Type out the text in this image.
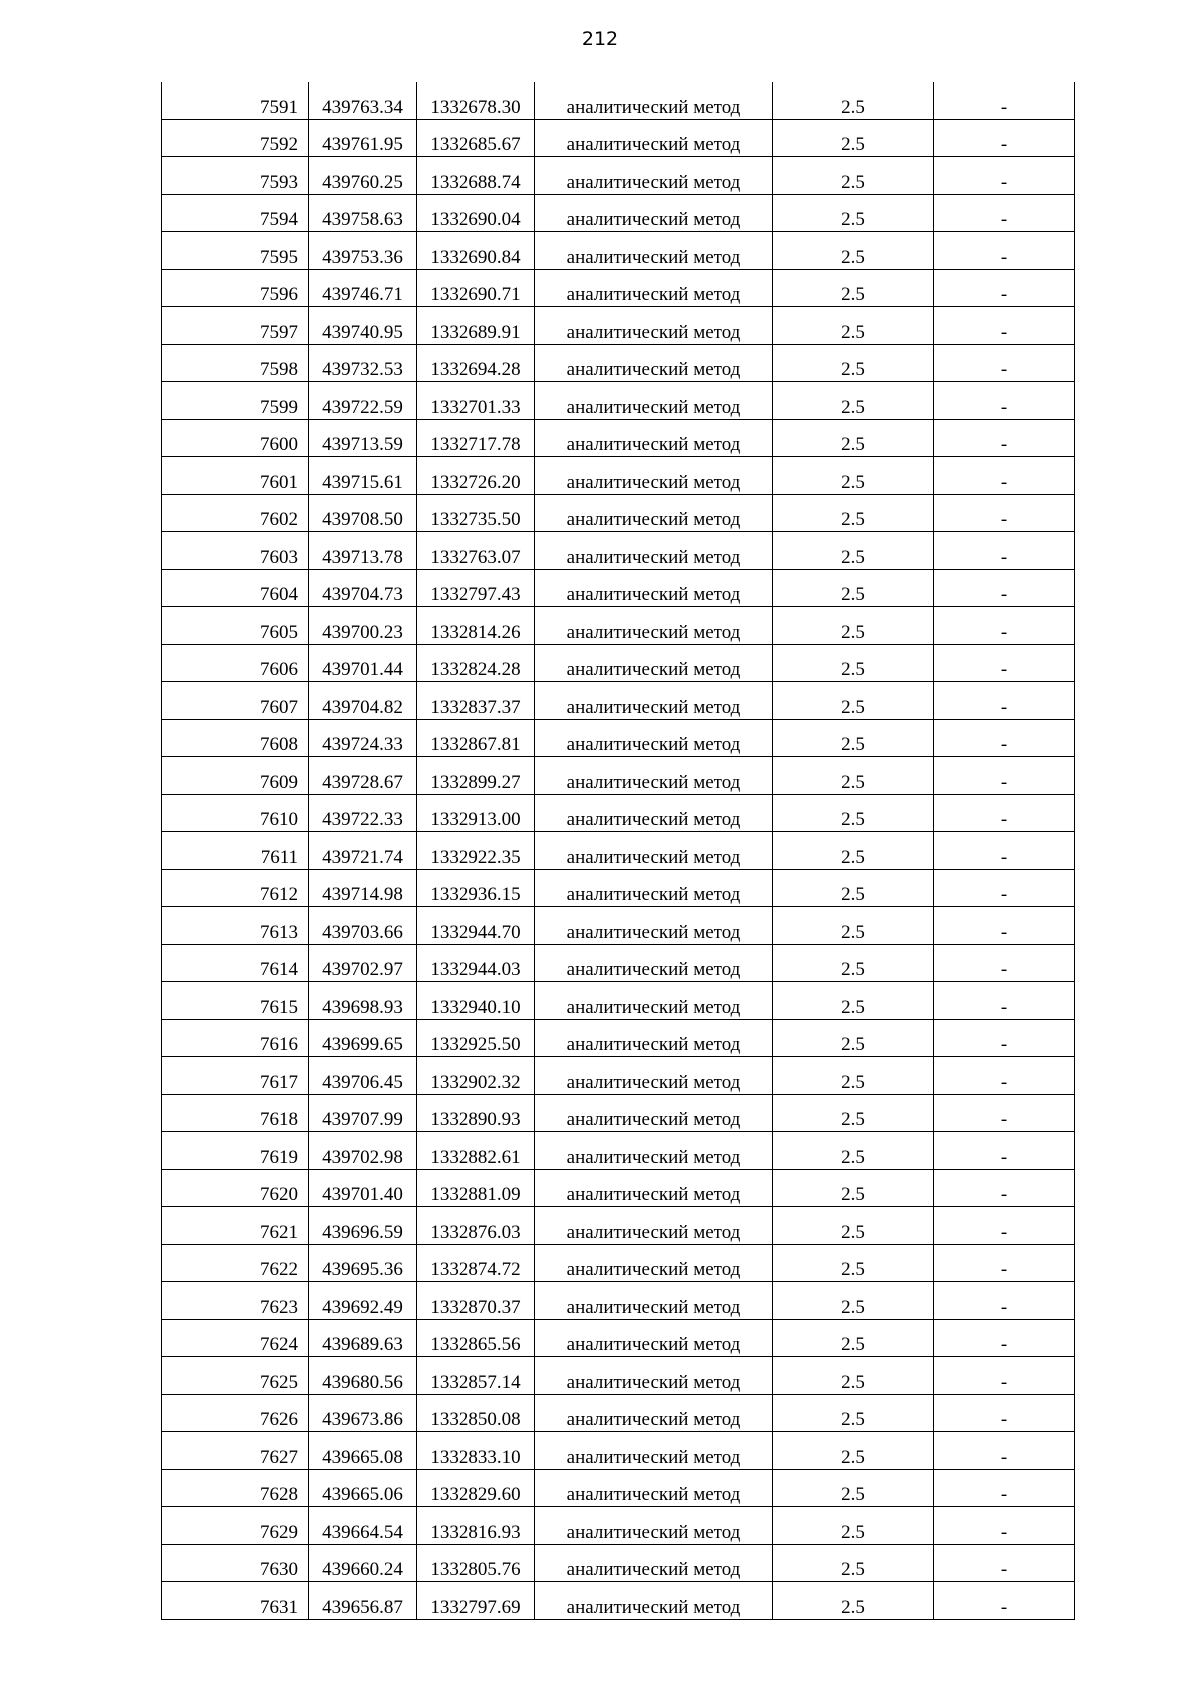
212
7591	439763.34	1332678.30	аналитический метод	2.5	-
7592	439761.95	1332685.67	аналитический метод	2.5	-
7593	439760.25	1332688.74	аналитический метод	2.5	-
7594	439758.63	1332690.04	аналитический метод	2.5	-
7595	439753.36	1332690.84	аналитический метод	2.5	-
7596	439746.71	1332690.71	аналитический метод	2.5	-
7597	439740.95	1332689.91	аналитический метод	2.5	-
7598	439732.53	1332694.28	аналитический метод	2.5	-
7599	439722.59	1332701.33	аналитический метод	2.5	-
7600	439713.59	1332717.78	аналитический метод	2.5	-
7601	439715.61	1332726.20	аналитический метод	2.5	-
7602	439708.50	1332735.50	аналитический метод	2.5	-
7603	439713.78	1332763.07	аналитический метод	2.5	-
7604	439704.73	1332797.43	аналитический метод	2.5	-
7605	439700.23	1332814.26	аналитический метод	2.5	-
7606	439701.44	1332824.28	аналитический метод	2.5	-
7607	439704.82	1332837.37	аналитический метод	2.5	-
7608	439724.33	1332867.81	аналитический метод	2.5	-
7609	439728.67	1332899.27	аналитический метод	2.5	-
7610	439722.33	1332913.00	аналитический метод	2.5	-
7611	439721.74	1332922.35	аналитический метод	2.5	-
7612	439714.98	1332936.15	аналитический метод	2.5	-
7613	439703.66	1332944.70	аналитический метод	2.5	-
7614	439702.97	1332944.03	аналитический метод	2.5	-
7615	439698.93	1332940.10	аналитический метод	2.5	-
7616	439699.65	1332925.50	аналитический метод	2.5	-
7617	439706.45	1332902.32	аналитический метод	2.5	-
7618	439707.99	1332890.93	аналитический метод	2.5	-
7619	439702.98	1332882.61	аналитический метод	2.5	-
7620	439701.40	1332881.09	аналитический метод	2.5	-
7621	439696.59	1332876.03	аналитический метод	2.5	-
7622	439695.36	1332874.72	аналитический метод	2.5	-
7623	439692.49	1332870.37	аналитический метод	2.5	-
7624	439689.63	1332865.56	аналитический метод	2.5	-
7625	439680.56	1332857.14	аналитический метод	2.5	-
7626	439673.86	1332850.08	аналитический метод	2.5	-
7627	439665.08	1332833.10	аналитический метод	2.5	-
7628	439665.06	1332829.60	аналитический метод	2.5	-
7629	439664.54	1332816.93	аналитический метод	2.5	-
7630	439660.24	1332805.76	аналитический метод	2.5	-
7631	439656.87	1332797.69	аналитический метод	2.5	-
